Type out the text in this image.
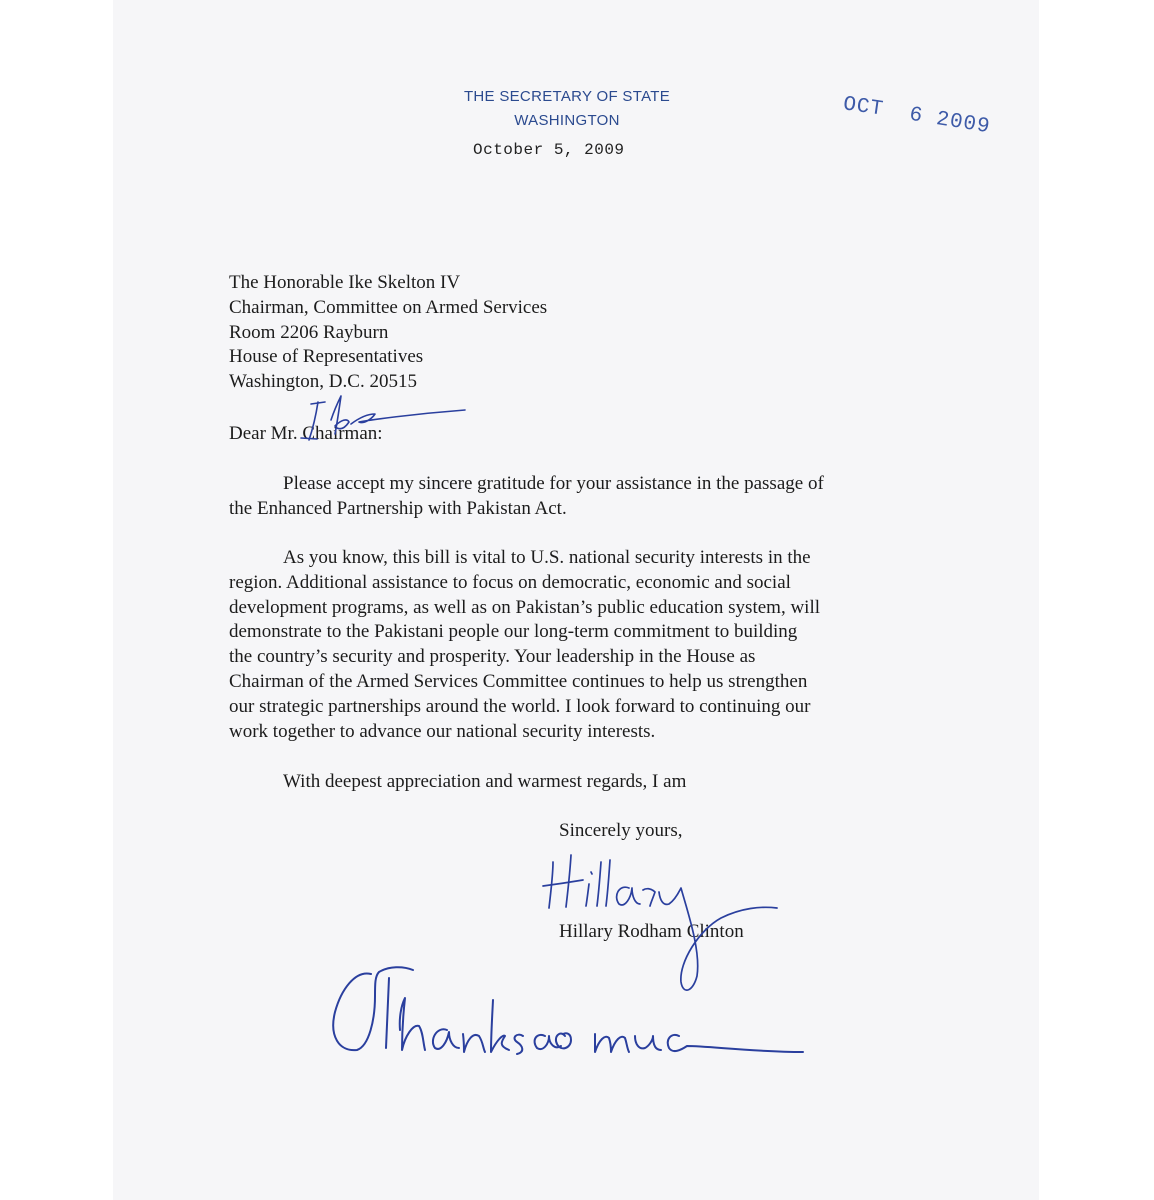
THE SECRETARY OF STATE
WASHINGTON
October 5, 2009
OCT 6 2009
The Honorable Ike Skelton IV
Chairman, Committee on Armed Services
Room 2206 Rayburn
House of Representatives
Washington, D.C. 20515
Dear Mr. Chairman:
Please accept my sincere gratitude for your assistance in the passage of
the Enhanced Partnership with Pakistan Act.
As you know, this bill is vital to U.S. national security interests in the
region. Additional assistance to focus on democratic, economic and social
development programs, as well as on Pakistan’s public education system, will
demonstrate to the Pakistani people our long-term commitment to building
the country’s security and prosperity. Your leadership in the House as
Chairman of the Armed Services Committee continues to help us strengthen
our strategic partnerships around the world. I look forward to continuing our
work together to advance our national security interests.
With deepest appreciation and warmest regards, I am
Sincerely yours,
Hillary Rodham Clinton
